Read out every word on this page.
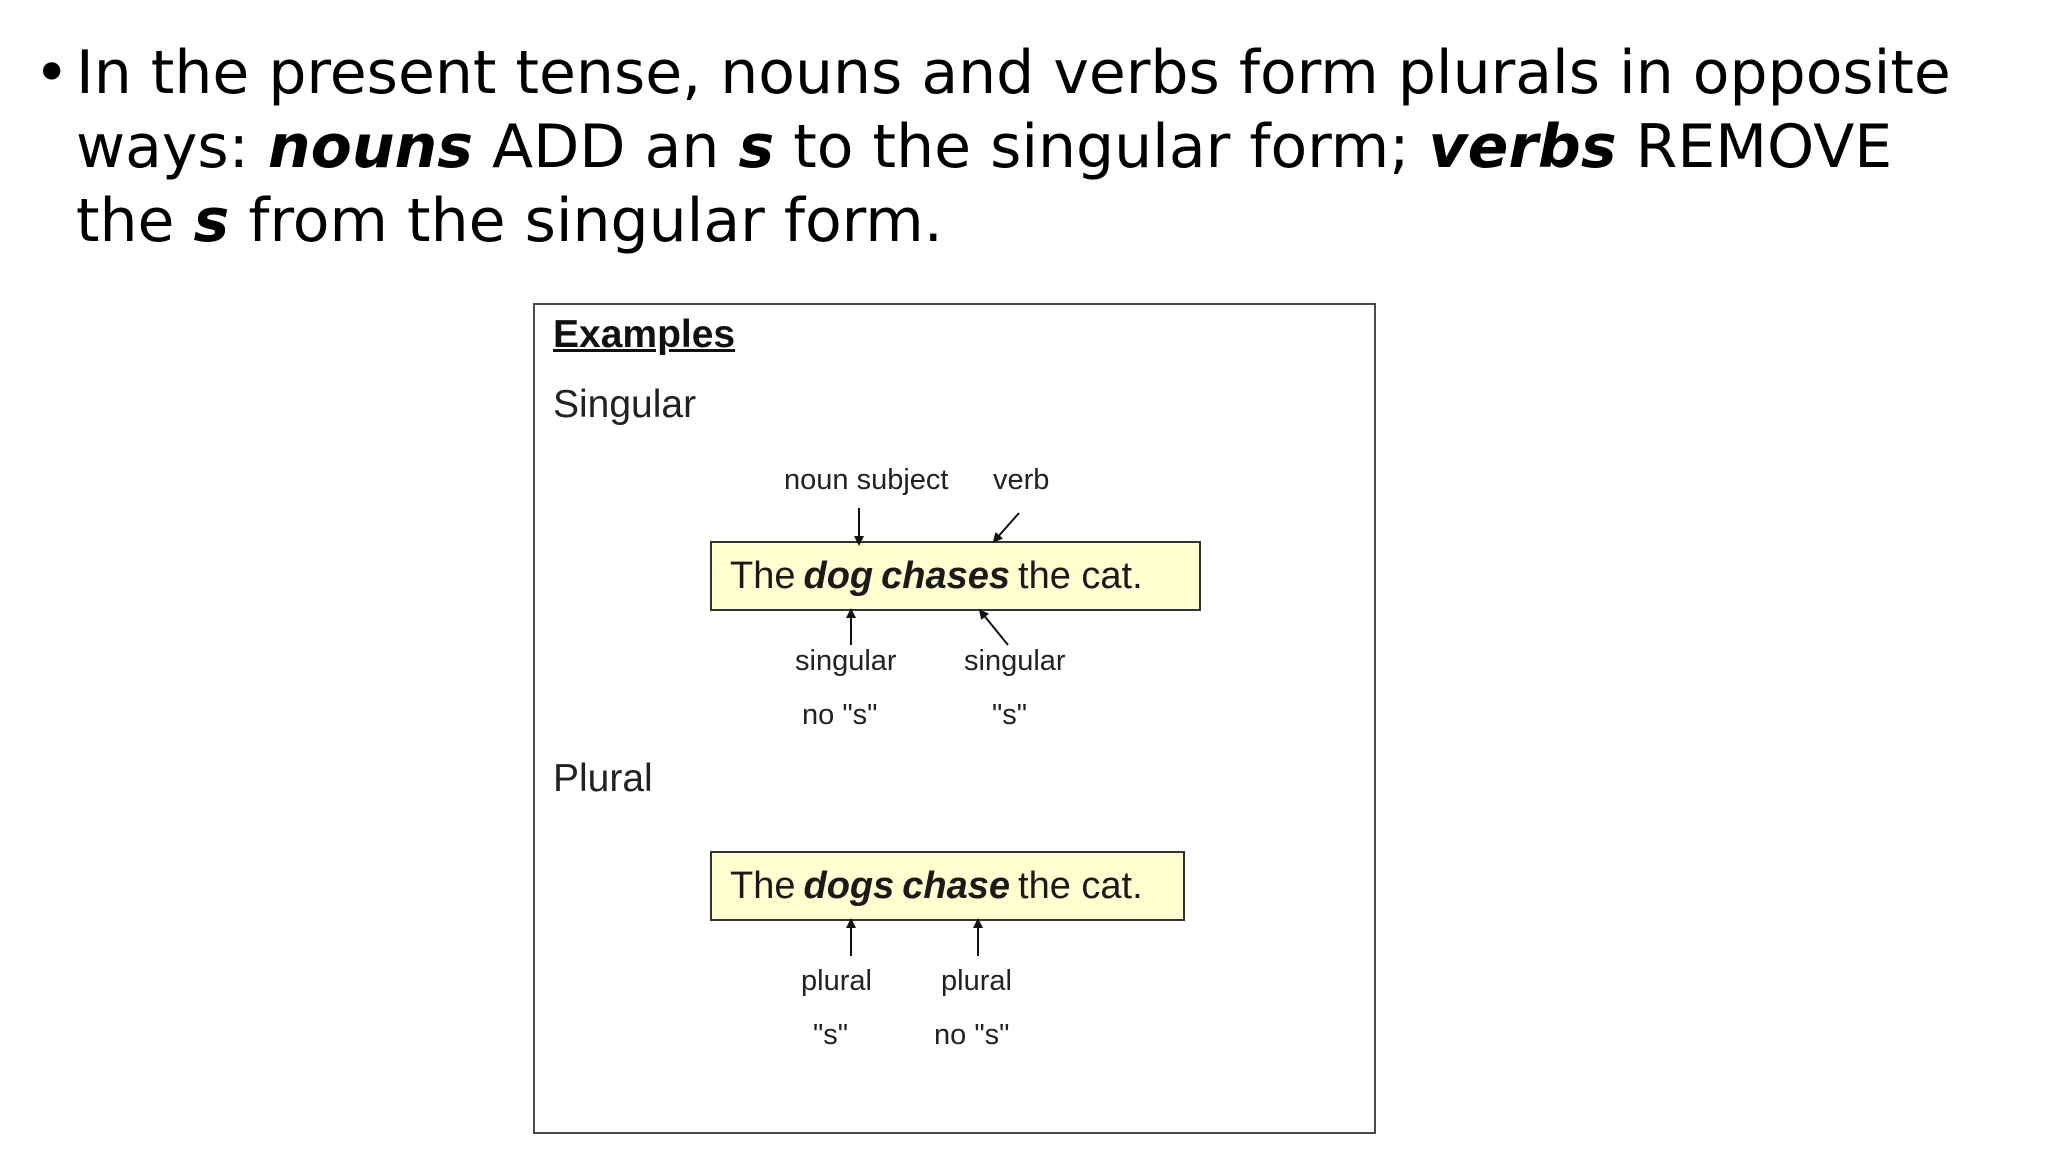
• In the present tense, nouns and verbs form plurals in opposite
ways: nouns ADD an s to the singular form; verbs REMOVE
the s from the singular form.
Examples
Singular
noun subject verb
The dog chases the cat.
singular
no "s"
singular
"s"
Plural
The dogs chase the cat.
plural
"s"
plural
no "s"
